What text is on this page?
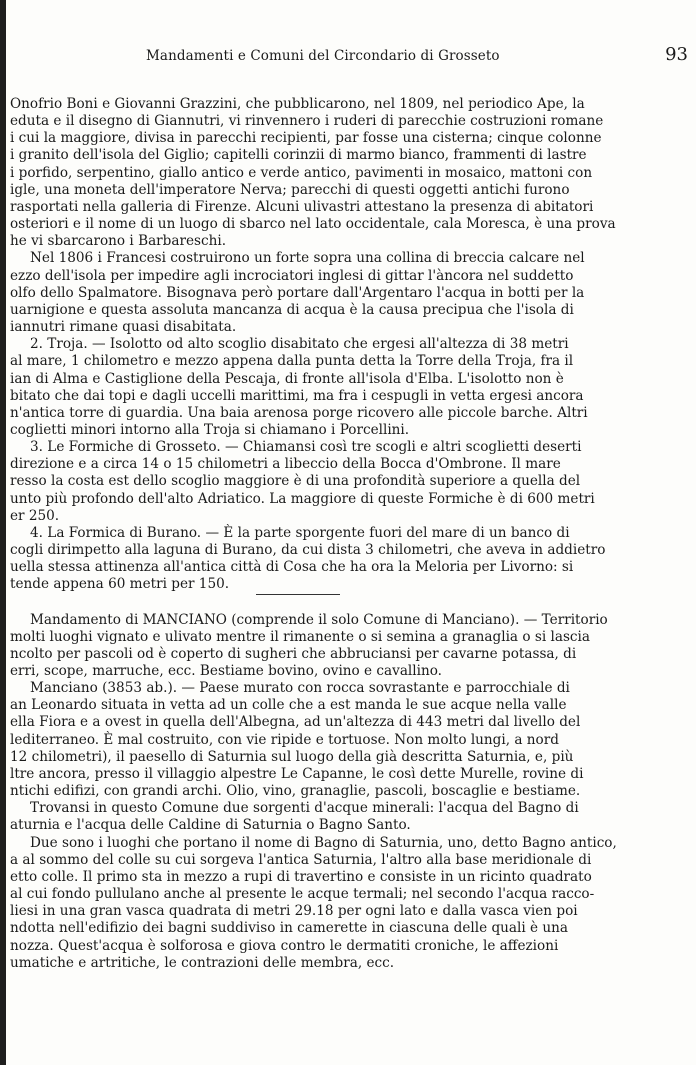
Mandamenti e Comuni del Circondario di Grosseto	93

Onofrio Boni e Giovanni Grazzini, che pubblicarono, nel 1809, nel periodico Ape, la
eduta e il disegno di Giannutri, vi rinvennero i ruderi di parecchie costruzioni romane
i cui la maggiore, divisa in parecchi recipienti, par fosse una cisterna; cinque colonne
i granito dell'isola del Giglio; capitelli corinzii di marmo bianco, frammenti di lastre
i porfido, serpentino, giallo antico e verde antico, pavimenti in mosaico, mattoni con
igle, una moneta dell'imperatore Nerva; parecchi di questi oggetti antichi furono
rasportati nella galleria di Firenze. Alcuni ulivastri attestano la presenza di abitatori
osteriori e il nome di un luogo di sbarco nel lato occidentale, cala Moresca, è una prova
he vi sbarcarono i Barbareschi.

Nel 1806 i Francesi costruirono un forte sopra una collina di breccia calcare nel
ezzo dell'isola per impedire agli incrociatori inglesi di gittar l'àncora nel suddetto
olfo dello Spalmatore. Bisognava però portare dall'Argentaro l'acqua in botti per la
uarnigione e questa assoluta mancanza di acqua è la causa precipua che l'isola di
iannutri rimane quasi disabitata.

2. Troja. — Isolotto od alto scoglio disabitato che ergesi all'altezza di 38 metri
al mare, 1 chilometro e mezzo appena dalla punta detta la Torre della Troja, fra il
ian di Alma e Castiglione della Pescaja, di fronte all'isola d'Elba. L'isolotto non è
bitato che dai topi e dagli uccelli marittimi, ma fra i cespugli in vetta ergesi ancora
n'antica torre di guardia. Una baia arenosa porge ricovero alle piccole barche. Altri
coglietti minori intorno alla Troja si chiamano i Porcellini.

3. Le Formiche di Grosseto. — Chiamansi così tre scogli e altri scoglietti deserti
direzione e a circa 14 o 15 chilometri a libeccio della Bocca d'Ombrone. Il mare
resso la costa est dello scoglio maggiore è di una profondità superiore a quella del
unto più profondo dell'alto Adriatico. La maggiore di queste Formiche è di 600 metri
er 250.

4. La Formica di Burano. — È la parte sporgente fuori del mare di un banco di
cogli dirimpetto alla laguna di Burano, da cui dista 3 chilometri, che aveva in addietro
uella stessa attinenza all'antica città di Cosa che ha ora la Meloria per Livorno: si
tende appena 60 metri per 150.

Mandamento di MANCIANO (comprende il solo Comune di Manciano). — Territorio
molti luoghi vignato e ulivato mentre il rimanente o si semina a granaglia o si lascia
ncolto per pascoli od è coperto di sugheri che abbruciansi per cavarne potassa, di
erri, scope, marruche, ecc. Bestiame bovino, ovino e cavallino.

Manciano (3853 ab.). — Paese murato con rocca sovrastante e parrocchiale di
an Leonardo situata in vetta ad un colle che a est manda le sue acque nella valle
ella Fiora e a ovest in quella dell'Albegna, ad un'altezza di 443 metri dal livello del
lediterraneo. È mal costruito, con vie ripide e tortuose. Non molto lungi, a nord
12 chilometri), il paesello di Saturnia sul luogo della già descritta Saturnia, e, più
ltre ancora, presso il villaggio alpestre Le Capanne, le così dette Murelle, rovine di
ntichi edifizi, con grandi archi. Olio, vino, granaglie, pascoli, boscaglie e bestiame.

Trovansi in questo Comune due sorgenti d'acque minerali: l'acqua del Bagno di
aturnia e l'acqua delle Caldine di Saturnia o Bagno Santo.

Due sono i luoghi che portano il nome di Bagno di Saturnia, uno, detto Bagno antico,
a al sommo del colle su cui sorgeva l'antica Saturnia, l'altro alla base meridionale di
etto colle. Il primo sta in mezzo a rupi di travertino e consiste in un ricinto quadrato
al cui fondo pullulano anche al presente le acque termali; nel secondo l'acqua racco-
liesi in una gran vasca quadrata di metri 29.18 per ogni lato e dalla vasca vien poi
ndotta nell'edifizio dei bagni suddiviso in camerette in ciascuna delle quali è una
nozza. Quest'acqua è solforosa e giova contro le dermatiti croniche, le affezioni
umatiche e artritiche, le contrazioni delle membra, ecc.
